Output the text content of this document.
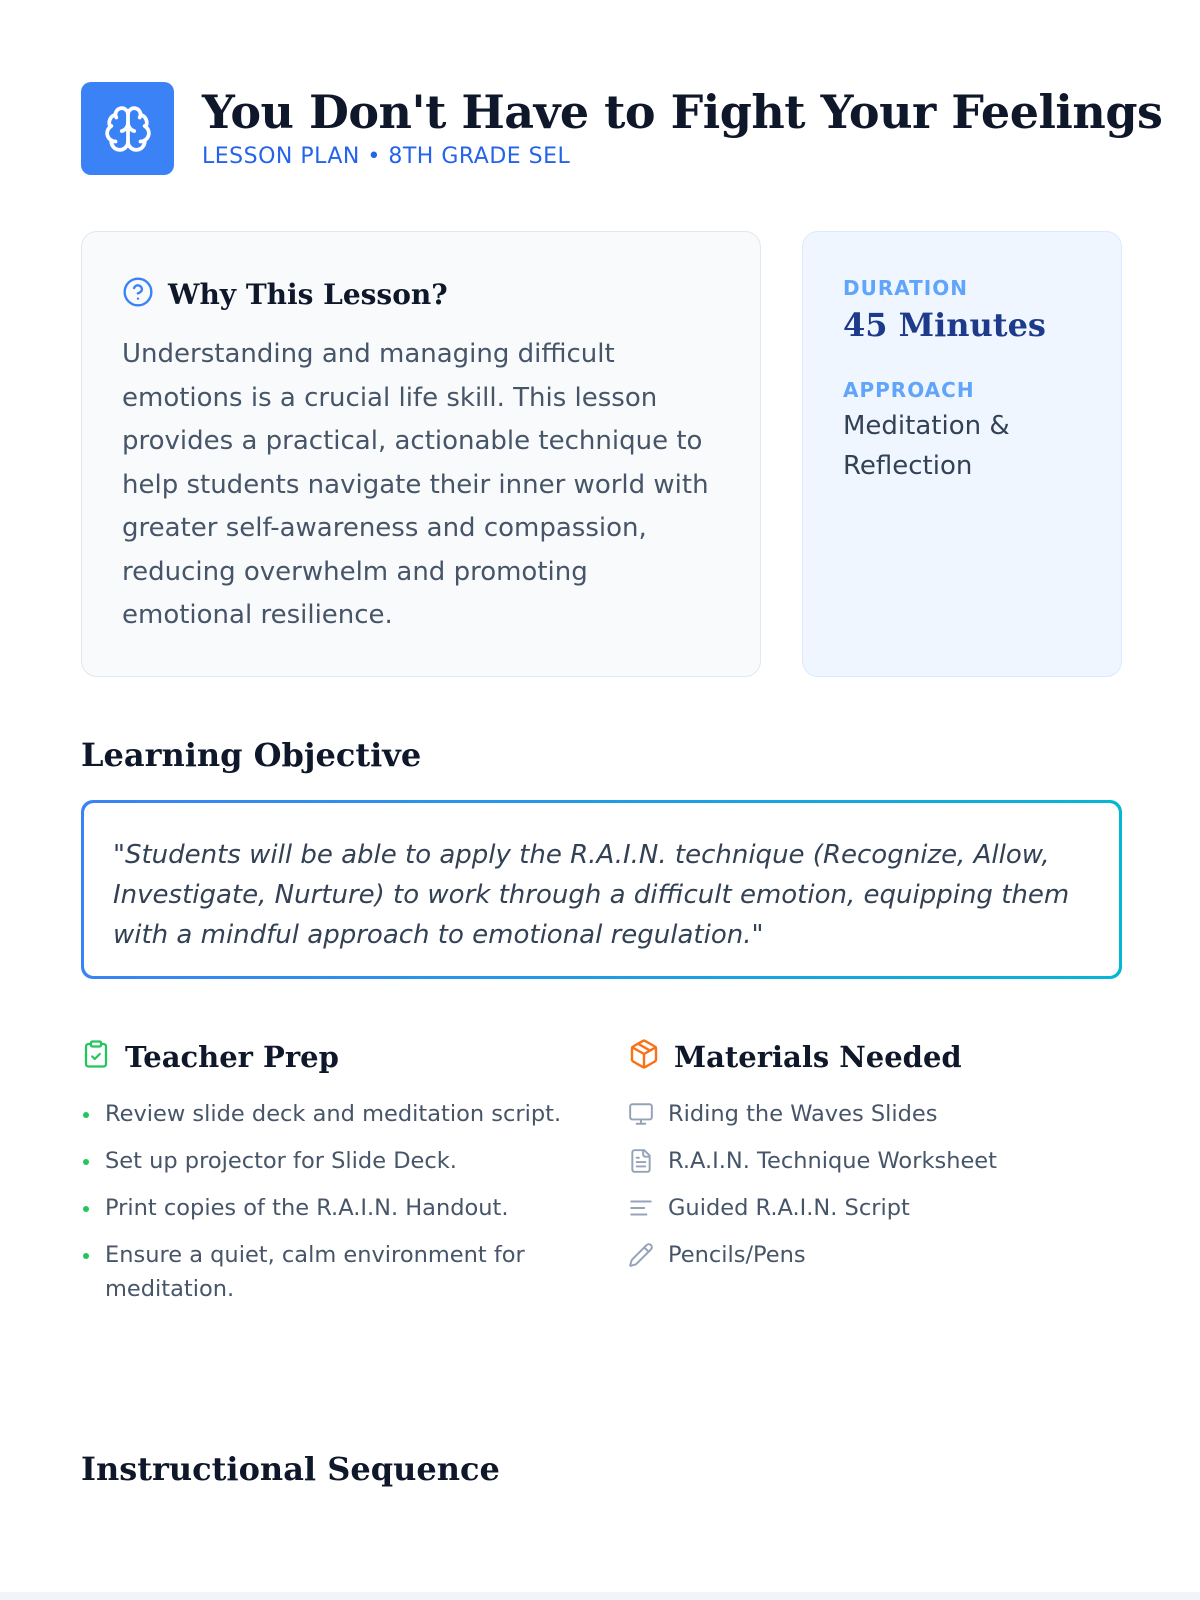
You Don't Have to Fight Your Feelings
LESSON PLAN • 8TH GRADE SEL
Why This Lesson?

Understanding and managing difficult emotions is a crucial life skill. This lesson provides a practical, actionable technique to help students navigate their inner world with greater self-awareness and compassion, reducing overwhelm and promoting emotional resilience.

DURATION
45 Minutes
APPROACH
Meditation & Reflection
Learning Objective
"Students will be able to apply the R.A.I.N. technique (Recognize, Allow, Investigate, Nurture) to work through a difficult emotion, equipping them with a mindful approach to emotional regulation."
Teacher Prep
Review slide deck and meditation script.
Set up projector for Slide Deck.
Print copies of the R.A.I.N. Handout.
Ensure a quiet, calm environment for meditation.
Materials Needed
Riding the Waves Slides
R.A.I.N. Technique Worksheet
Guided R.A.I.N. Script
Pencils/Pens
Instructional Sequence
